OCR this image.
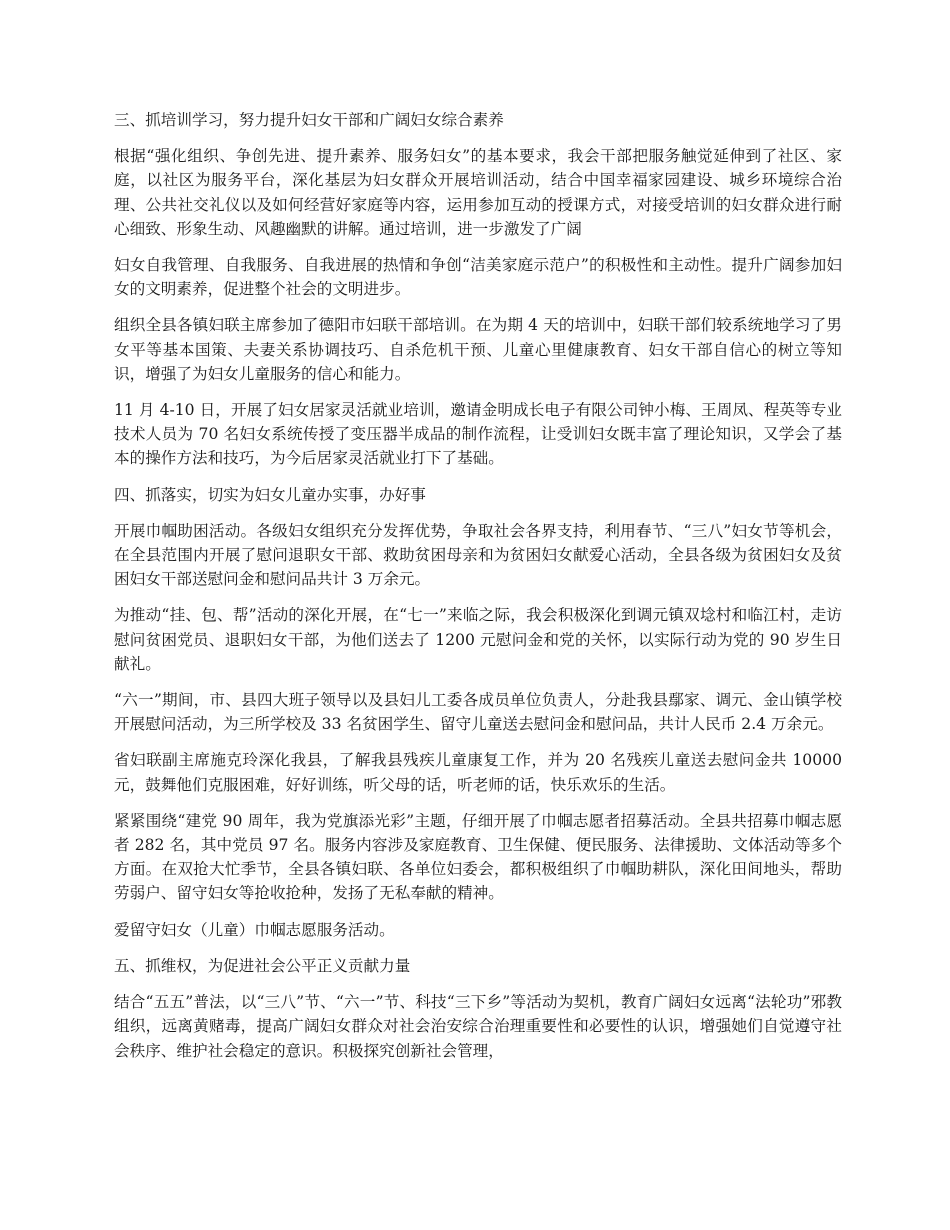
三、抓培训学习，努力提升妇女干部和广阔妇女综合素养

根据“强化组织、争创先进、提升素养、服务妇女”的基本要求，我会干部把服务触觉延伸到了社区、家庭，以社区为服务平台，深化基层为妇女群众开展培训活动，结合中国幸福家园建设、城乡环境综合治理、公共社交礼仪以及如何经营好家庭等内容，运用参加互动的授课方式，对接受培训的妇女群众进行耐心细致、形象生动、风趣幽默的讲解。通过培训，进一步激发了广阔

妇女自我管理、自我服务、自我进展的热情和争创“洁美家庭示范户”的积极性和主动性。提升广阔参加妇女的文明素养，促进整个社会的文明进步。

组织全县各镇妇联主席参加了德阳市妇联干部培训。在为期 4 天的培训中，妇联干部们较系统地学习了男女平等基本国策、夫妻关系协调技巧、自杀危机干预、儿童心里健康教育、妇女干部自信心的树立等知识，增强了为妇女儿童服务的信心和能力。

11 月 4-10 日，开展了妇女居家灵活就业培训，邀请金明成长电子有限公司钟小梅、王周凤、程英等专业技术人员为 70 名妇女系统传授了变压器半成品的制作流程，让受训妇女既丰富了理论知识，又学会了基本的操作方法和技巧，为今后居家灵活就业打下了基础。

四、抓落实，切实为妇女儿童办实事，办好事

开展巾帼助困活动。各级妇女组织充分发挥优势，争取社会各界支持，利用春节、“三八”妇女节等机会，在全县范围内开展了慰问退职女干部、救助贫困母亲和为贫困妇女献爱心活动，全县各级为贫困妇女及贫困妇女干部送慰问金和慰问品共计 3 万余元。

为推动“挂、包、帮”活动的深化开展，在“七一”来临之际，我会积极深化到调元镇双埝村和临江村，走访慰问贫困党员、退职妇女干部，为他们送去了 1200 元慰问金和党的关怀，以实际行动为党的 90 岁生日献礼。

“六一”期间，市、县四大班子领导以及县妇儿工委各成员单位负责人，分赴我县鄢家、调元、金山镇学校开展慰问活动，为三所学校及 33 名贫困学生、留守儿童送去慰问金和慰问品，共计人民币 2.4 万余元。

省妇联副主席施克玲深化我县，了解我县残疾儿童康复工作，并为 20 名残疾儿童送去慰问金共 10000 元，鼓舞他们克服困难，好好训练，听父母的话，听老师的话，快乐欢乐的生活。

紧紧围绕“建党 90 周年，我为党旗添光彩”主题，仔细开展了巾帼志愿者招募活动。全县共招募巾帼志愿者 282 名，其中党员 97 名。服务内容涉及家庭教育、卫生保健、便民服务、法律援助、文体活动等多个方面。在双抢大忙季节，全县各镇妇联、各单位妇委会，都积极组织了巾帼助耕队，深化田间地头，帮助劳弱户、留守妇女等抢收抢种，发扬了无私奉献的精神。

爱留守妇女（儿童）巾帼志愿服务活动。

五、抓维权，为促进社会公平正义贡献力量

结合“五五”普法，以“三八”节、“六一”节、科技“三下乡”等活动为契机，教育广阔妇女远离“法轮功”邪教组织，远离黄赌毒，提高广阔妇女群众对社会治安综合治理重要性和必要性的认识，增强她们自觉遵守社会秩序、维护社会稳定的意识。积极探究创新社会管理，
